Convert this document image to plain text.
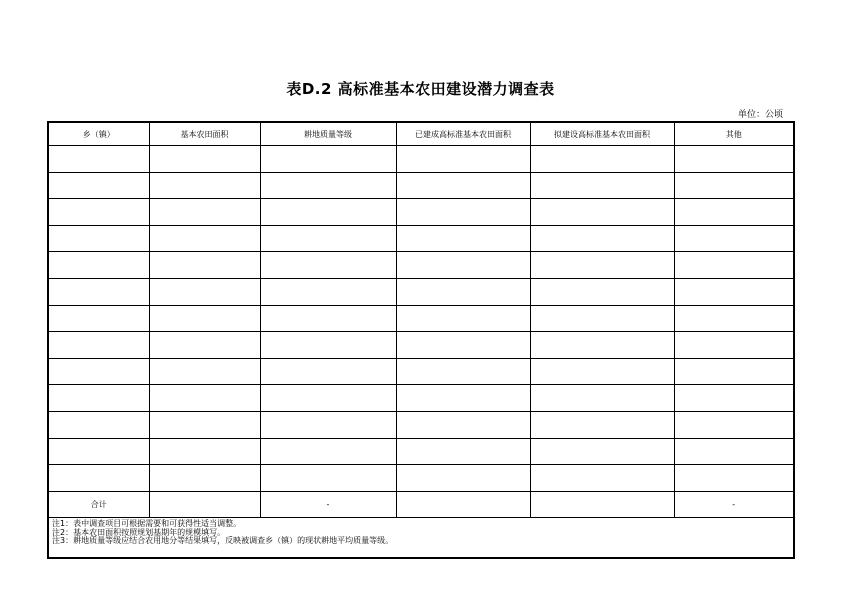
表D.2 高标准基本农田建设潜力调查表
单位：公顷
乡（镇）	基本农田面积	耕地质量等级	已建成高标准基本农田面积	拟建设高标准基本农田面积	其他

合计		-			-

注1：表中调查项目可根据需要和可获得性适当调整。
注2：基本农田面积按照规划基期年的规模填写。
注3：耕地质量等级应结合农用地分等结果填写，反映被调查乡（镇）的现状耕地平均质量等级。					
